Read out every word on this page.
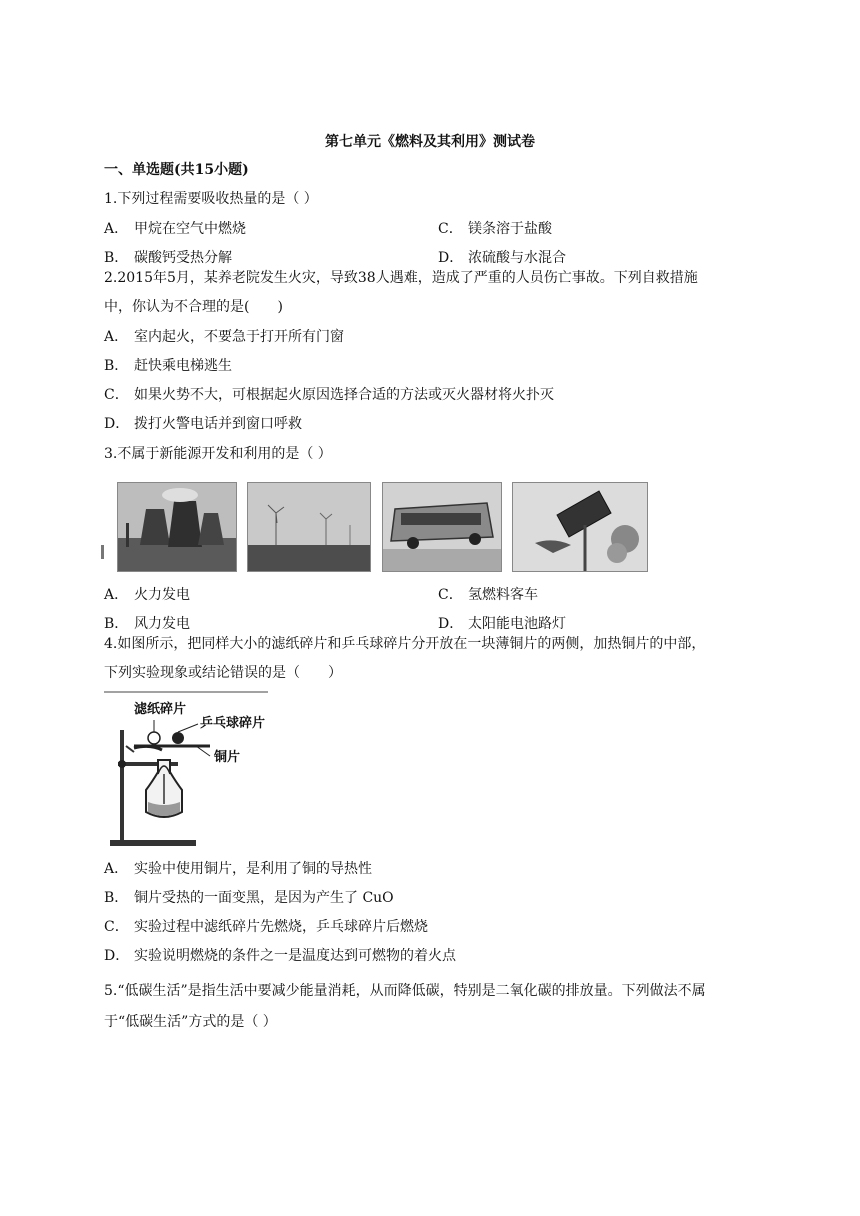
第七单元《燃料及其利用》测试卷
一、单选题(共15小题)
1.下列过程需要吸收热量的是（ ）
A． 甲烷在空气中燃烧	C． 镁条溶于盐酸
B． 碳酸钙受热分解	D． 浓硫酸与水混合
2.2015年5月，某养老院发生火灾，导致38人遇难，造成了严重的人员伤亡事故。下列自救措施
中，你认为不合理的是(　　)
A． 室内起火，不要急于打开所有门窗
B． 赶快乘电梯逃生
C． 如果火势不大，可根据起火原因选择合适的方法或灭火器材将火扑灭
D． 拨打火警电话并到窗口呼救
3.不属于新能源开发和利用的是（ ）
A． 火力发电	C． 氢燃料客车
B． 风力发电	D． 太阳能电池路灯
4.如图所示，把同样大小的滤纸碎片和乒乓球碎片分开放在一块薄铜片的两侧，加热铜片的中部，
下列实验现象或结论错误的是（　　）
滤纸碎片
乒乓球碎片
铜片
A． 实验中使用铜片，是利用了铜的导热性
B． 铜片受热的一面变黑，是因为产生了 CuO
C． 实验过程中滤纸碎片先燃烧，乒乓球碎片后燃烧
D． 实验说明燃烧的条件之一是温度达到可燃物的着火点
5.“低碳生活”是指生活中要减少能量消耗，从而降低碳，特别是二氧化碳的排放量。下列做法不属
于“低碳生活”方式的是（ ）
